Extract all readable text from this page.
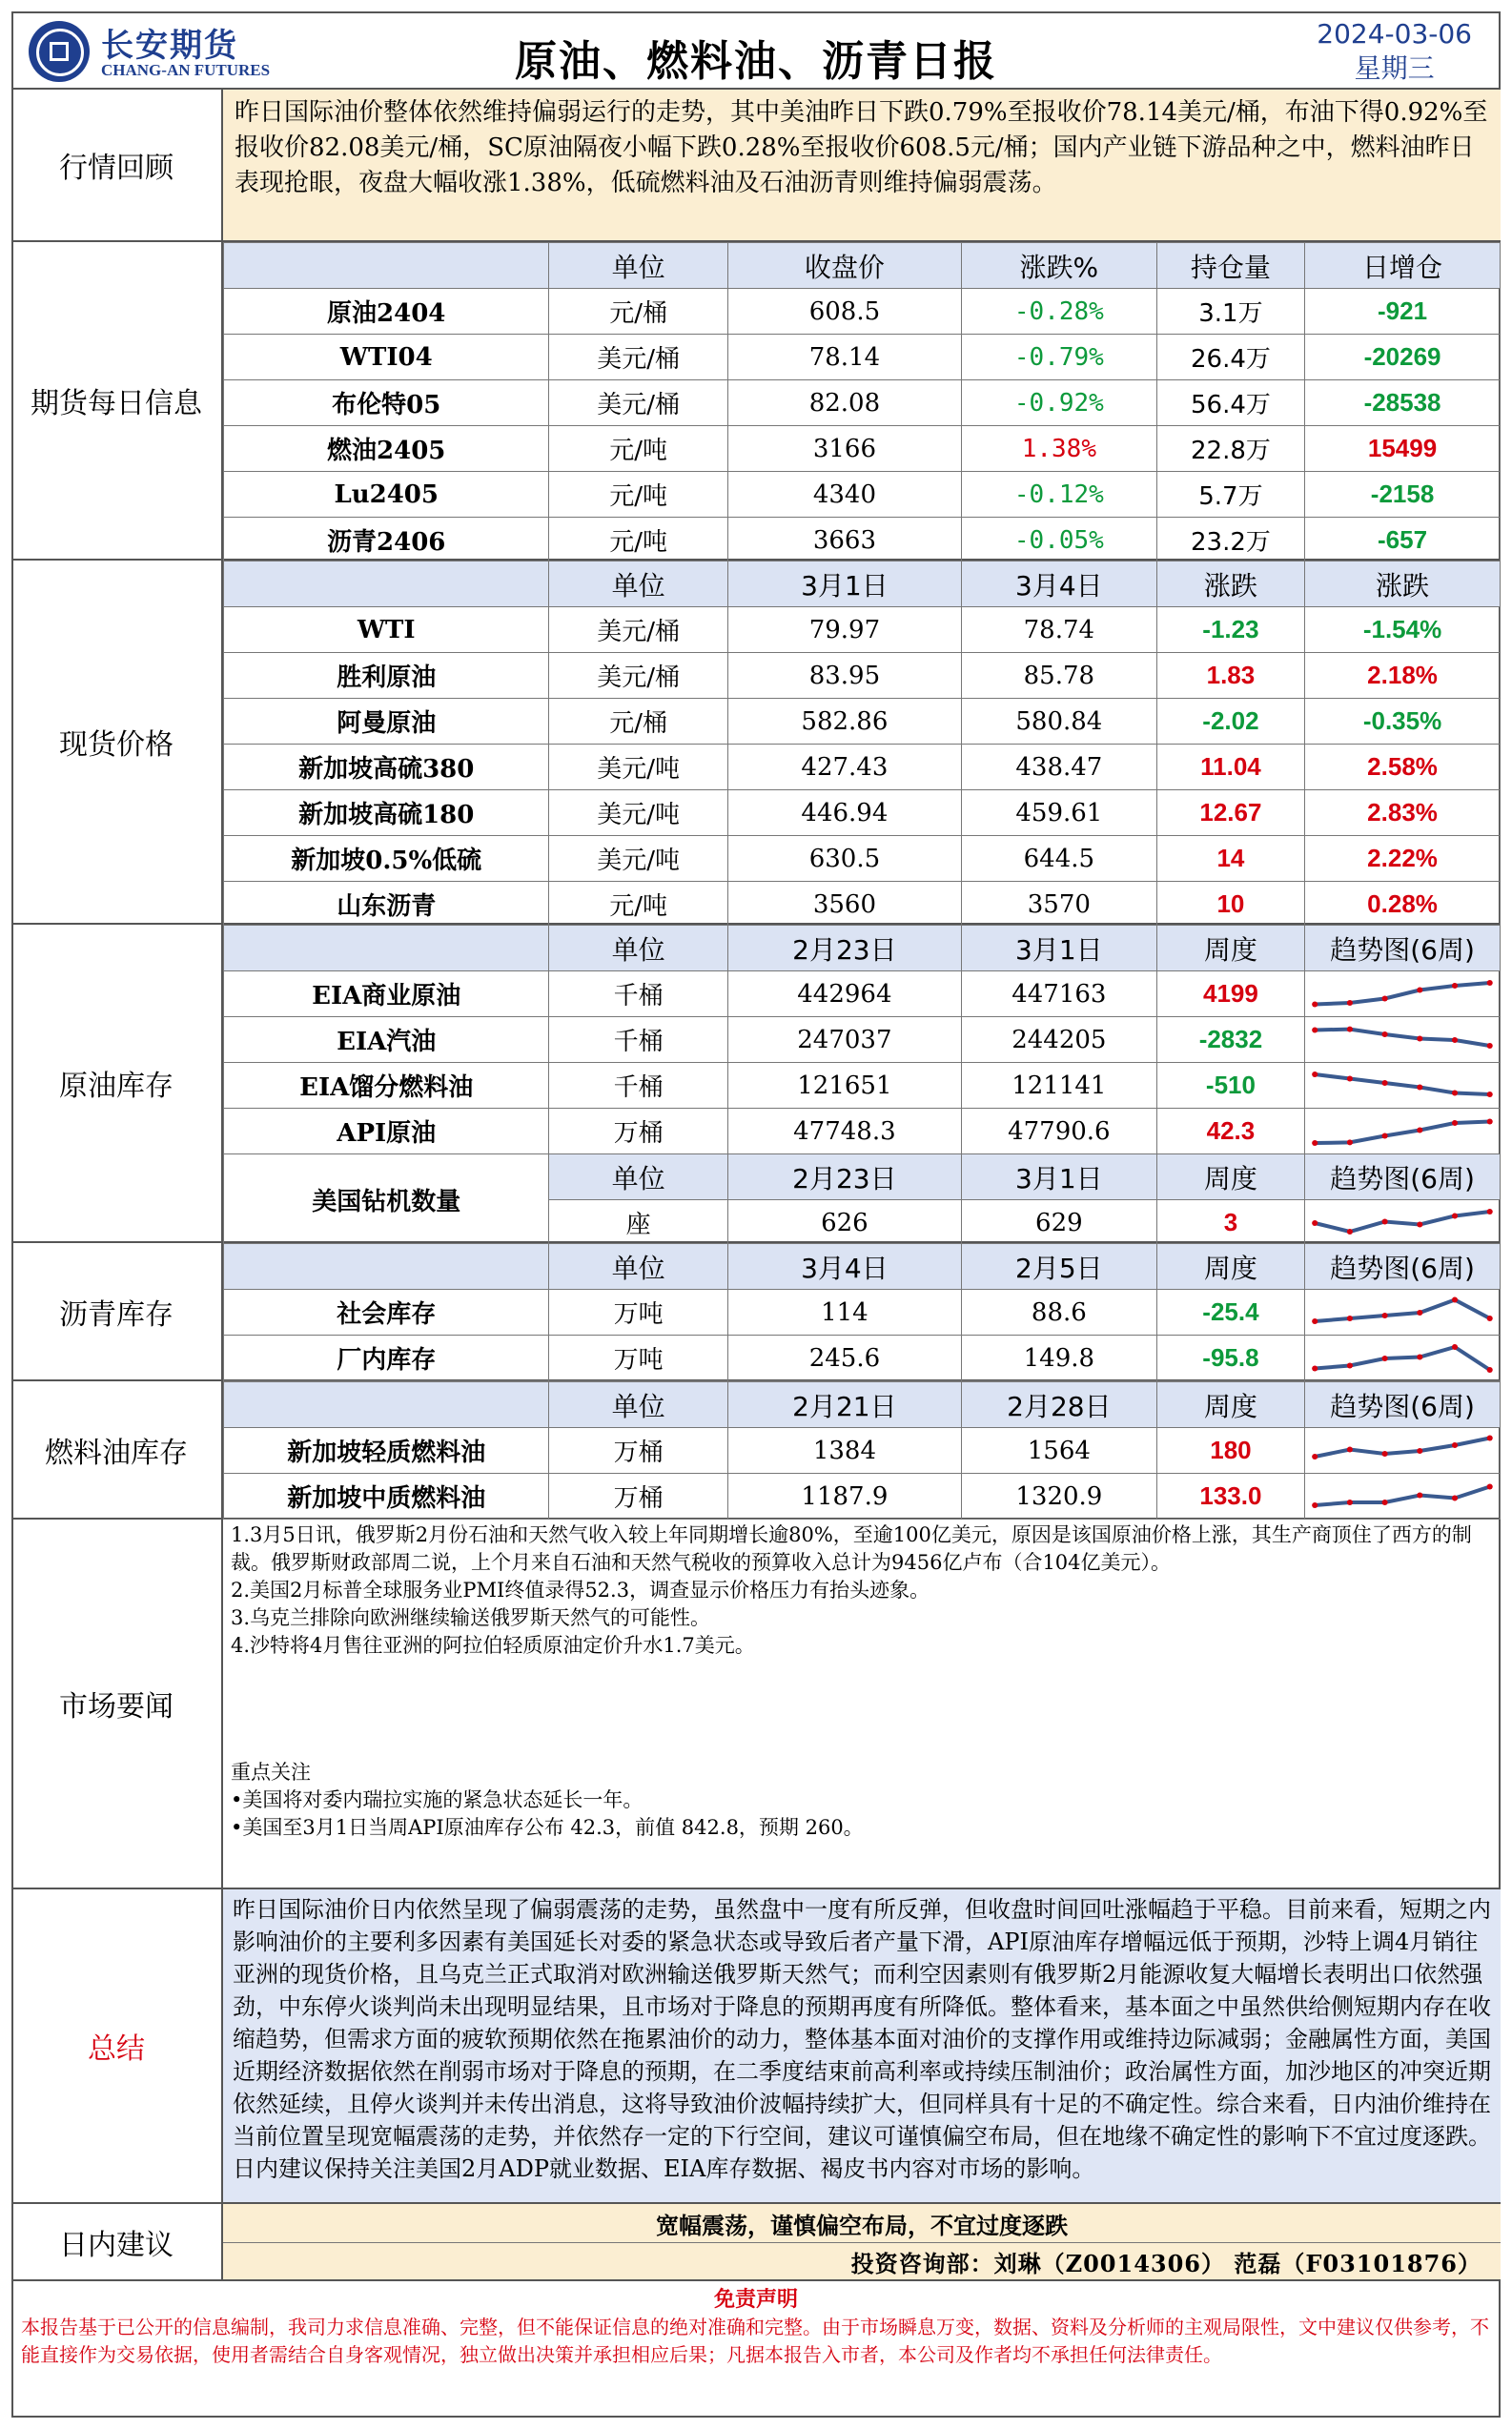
长安期货
CHANG-AN FUTURES	原油、燃料油、沥青日报
2024-03-06
星期三
行情回顾
昨日国际油价整体依然维持偏弱运行的走势，其中美油昨日下跌0.79%至报收价78.14美元/桶，布油下得0.92%至报收价82.08美元/桶，SC原油隔夜小幅下跌0.28%至报收价608.5元/桶；国内产业链下游品种之中，燃料油昨日表现抢眼，夜盘大幅收涨1.38%，低硫燃料油及石油沥青则维持偏弱震荡。
期货每日信息
	单位	收盘价	涨跌%	持仓量	日增仓
原油2404	元/桶	608.5	-0.28%	3.1万	-921
WTI04	美元/桶	78.14	-0.79%	26.4万	-20269
布伦特05	美元/桶	82.08	-0.92%	56.4万	-28538
燃油2405	元/吨	3166	1.38%	22.8万	15499
Lu2405	元/吨	4340	-0.12%	5.7万	-2158
沥青2406	元/吨	3663	-0.05%	23.2万	-657
现货价格
	单位	3月1日	3月4日	涨跌	涨跌
WTI	美元/桶	79.97	78.74	-1.23	-1.54%
胜利原油	美元/桶	83.95	85.78	1.83	2.18%
阿曼原油	元/桶	582.86	580.84	-2.02	-0.35%
新加坡高硫380	美元/吨	427.43	438.47	11.04	2.58%
新加坡高硫180	美元/吨	446.94	459.61	12.67	2.83%
新加坡0.5%低硫	美元/吨	630.5	644.5	14	2.22%
山东沥青	元/吨	3560	3570	10	0.28%
原油库存
	单位	2月23日	3月1日	周度	趋势图(6周)
EIA商业原油	千桶	442964	447163	4199	

EIA汽油	千桶	247037	244205	-2832	

EIA馏分燃料油	千桶	121651	121141	-510	

API原油	万桶	47748.3	47790.6	42.3	

美国钻机数量	单位	2月23日	3月1日	周度	趋势图(6周)
	座	626	629	3	
沥青库存
	单位	3月4日	2月5日	周度	趋势图(6周)
社会库存	万吨	114	88.6	-25.4	

厂内库存	万吨	245.6	149.8	-95.8	
燃料油库存
	单位	2月21日	2月28日	周度	趋势图(6周)
新加坡轻质燃料油	万桶	1384	1564	180	

新加坡中质燃料油	万桶	1187.9	1320.9	133.0	
市场要闻

1.3月5日讯，俄罗斯2月份石油和天然气收入较上年同期增长逾80%，至逾100亿美元，原因是该国原油价格上涨，其生产商顶住了西方的制裁。俄罗斯财政部周二说，上个月来自石油和天然气税收的预算收入总计为9456亿卢布（合104亿美元）。

2.美国2月标普全球服务业PMI终值录得52.3，调查显示价格压力有抬头迹象。

3.乌克兰排除向欧洲继续输送俄罗斯天然气的可能性。

4.沙特将4月售往亚洲的阿拉伯轻质原油定价升水1.7美元。

重点关注

•美国将对委内瑞拉实施的紧急状态延长一年。

•美国至3月1日当周API原油库存公布 42.3，前值 842.8，预期 260。

总结
昨日国际油价日内依然呈现了偏弱震荡的走势，虽然盘中一度有所反弹，但收盘时间回吐涨幅趋于平稳。目前来看，短期之内影响油价的主要利多因素有美国延长对委的紧急状态或导致后者产量下滑，API原油库存增幅远低于预期，沙特上调4月销往亚洲的现货价格，且乌克兰正式取消对欧洲输送俄罗斯天然气；而利空因素则有俄罗斯2月能源收复大幅增长表明出口依然强劲，中东停火谈判尚未出现明显结果，且市场对于降息的预期再度有所降低。整体看来，基本面之中虽然供给侧短期内存在收缩趋势，但需求方面的疲软预期依然在拖累油价的动力，整体基本面对油价的支撑作用或维持边际减弱；金融属性方面，美国近期经济数据依然在削弱市场对于降息的预期，在二季度结束前高利率或持续压制油价；政治属性方面，加沙地区的冲突近期依然延续，且停火谈判并未传出消息，这将导致油价波幅持续扩大，但同样具有十足的不确定性。综合来看，日内油价维持在当前位置呈现宽幅震荡的走势，并依然存一定的下行空间，建议可谨慎偏空布局，但在地缘不确定性的影响下不宜过度逐跌。日内建议保持关注美国2月ADP就业数据、EIA库存数据、褐皮书内容对市场的影响。
日内建议
宽幅震荡，谨慎偏空布局，不宜过度逐跌
投资咨询部：刘琳（Z0014306） 范磊（F03101876）
免责声明
本报告基于已公开的信息编制，我司力求信息准确、完整，但不能保证信息的绝对准确和完整。由于市场瞬息万变，数据、资料及分析师的主观局限性，文中建议仅供参考，不能直接作为交易依据，使用者需结合自身客观情况，独立做出决策并承担相应后果；凡据本报告入市者，本公司及作者均不承担任何法律责任。
